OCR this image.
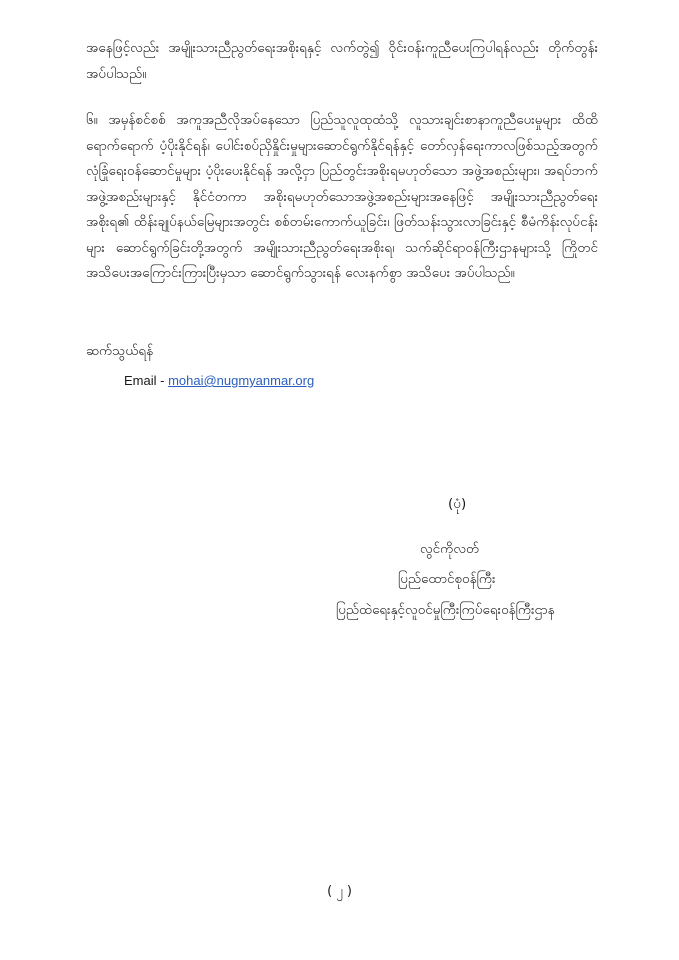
အနေဖြင့်လည်း အမျိုးသားညီညွတ်ရေးအစိုးရနှင့် လက်တွဲ၍ ဝိုင်းဝန်းကူညီပေးကြပါရန်လည်း တိုက်တွန်းအပ်ပါသည်။

၆။ အမှန်စင်စစ် အကူအညီလိုအပ်နေသော ပြည်သူလူထုထံသို့ လူသားချင်းစာနာကူညီပေးမှုများ ထိထိရောက်ရောက် ပံ့ပိုးနိုင်ရန်၊ ပေါင်းစပ်ညှိနှိုင်းမှုများဆောင်ရွက်နိုင်ရန်နှင့် တော်လှန်ရေးကာလဖြစ်သည့်အတွက် လုံခြုံရေးဝန်ဆောင်မှုများ ပံ့ပိုးပေးနိုင်ရန် အလို့ငှာ ပြည်တွင်းအစိုးရမဟုတ်သော အဖွဲ့အစည်းများ၊ အရပ်ဘက်အဖွဲ့အစည်းများနှင့် နိုင်ငံတကာ အစိုးရမဟုတ်သောအဖွဲ့အစည်းများအနေဖြင့် အမျိုးသားညီညွတ်ရေးအစိုးရ၏ ထိန်းချုပ်နယ်မြေများအတွင်း စစ်တမ်းကောက်ယူခြင်း၊ ဖြတ်သန်းသွားလာခြင်းနှင့် စီမံကိန်းလုပ်ငန်းများ ဆောင်ရွက်ခြင်းတို့အတွက် အမျိုးသားညီညွတ်ရေးအစိုးရ၊ သက်ဆိုင်ရာဝန်ကြီးဌာနများသို့ ကြိုတင်အသိပေးအကြောင်းကြားပြီးမှသာ ဆောင်ရွက်သွားရန် လေးနက်စွာ အသိပေး အပ်ပါသည်။

ဆက်သွယ်ရန်

Email - mohai@nugmyanmar.org

(ပုံ)

လွင်ကိုလတ်

ပြည်ထောင်စုဝန်ကြီး

ပြည်ထဲရေးနှင့်လူဝင်မှုကြီးကြပ်ရေးဝန်ကြီးဌာန

( ၂ )
